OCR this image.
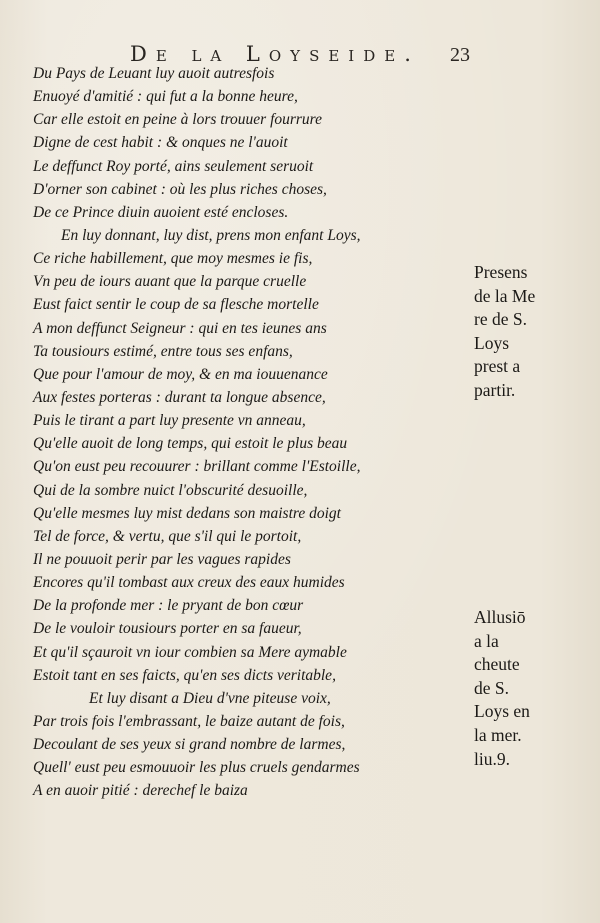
De la Loyseide. 23
Du Pays de Leuant luy auoit autresfois
Enuoyé d'amitié : qui fut a la bonne heure,
Car elle estoit en peine à lors trouuer fourrure
Digne de cest habit : & onques ne l'auoit
Le deffunct Roy porté, ains seulement seruoit
D'orner son cabinet : où les plus riches choses,
De ce Prince diuin auoient esté encloses.
En luy donnant, luy dist, prens mon enfant Loys,
Ce riche habillement, que moy mesmes ie fis,
Vn peu de iours auant que la parque cruelle
Eust faict sentir le coup de sa flesche mortelle
A mon deffunct Seigneur : qui en tes ieunes ans
Ta tousiours estimé, entre tous ses enfans,
Que pour l'amour de moy, & en ma iouuenance
Aux festes porteras : durant ta longue absence,
Puis le tirant a part luy presente vn anneau,
Qu'elle auoit de long temps, qui estoit le plus beau
Qu'on eust peu recouurer : brillant comme l'Estoille,
Qui de la sombre nuict l'obscurité desuoille,
Qu'elle mesmes luy mist dedans son maistre doigt
Tel de force, & vertu, que s'il qui le portoit,
Il ne pouuoit perir par les vagues rapides
Encores qu'il tombast aux creux des eaux humides
De la profonde mer : le pryant de bon cœur
De le vouloir tousiours porter en sa faueur,
Et qu'il sçauroit vn iour combien sa Mere aymable
Estoit tant en ses faicts, qu'en ses dicts veritable,
Et luy disant a Dieu d'vne piteuse voix,
Par trois fois l'embrassant, le baize autant de fois,
Decoulant de ses yeux si grand nombre de larmes,
Quell' eust peu esmouuoir les plus cruels gendarmes
A en auoir pitié : derechef le baiza
Presens
de la Me
re de S.
Loys
prest a
partir.
Allusiō
a la
cheute
de S.
Loys en
la mer.
liu.9.
